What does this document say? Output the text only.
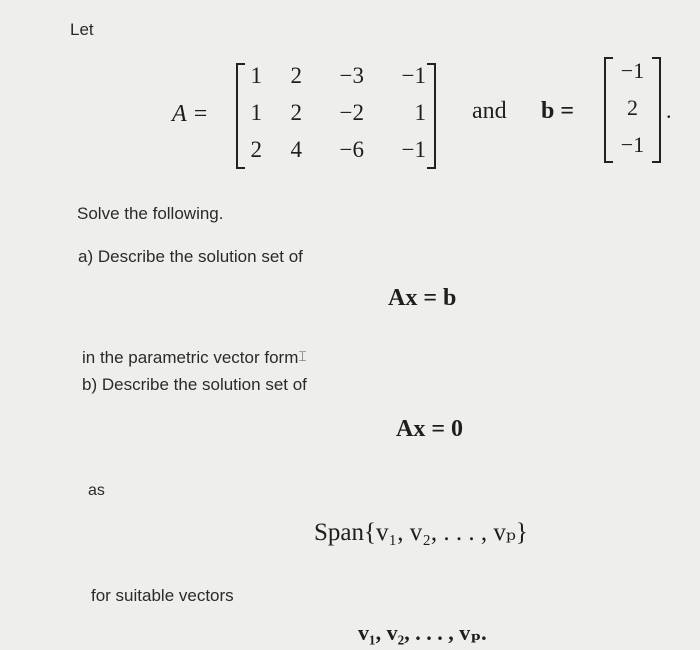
Let
A =
1	2	−3	−1
1	2	−2	1
2	4	−6	−1
and b =
−1
2
−1
.
Solve the following.
a) Describe the solution set of
Ax = b
in the parametric vector form⌶
b) Describe the solution set of
Ax = 0
as
Span{v₁, v₂, . . . , vₚ}
for suitable vectors
v₁, v₂, . . . , vₚ.
